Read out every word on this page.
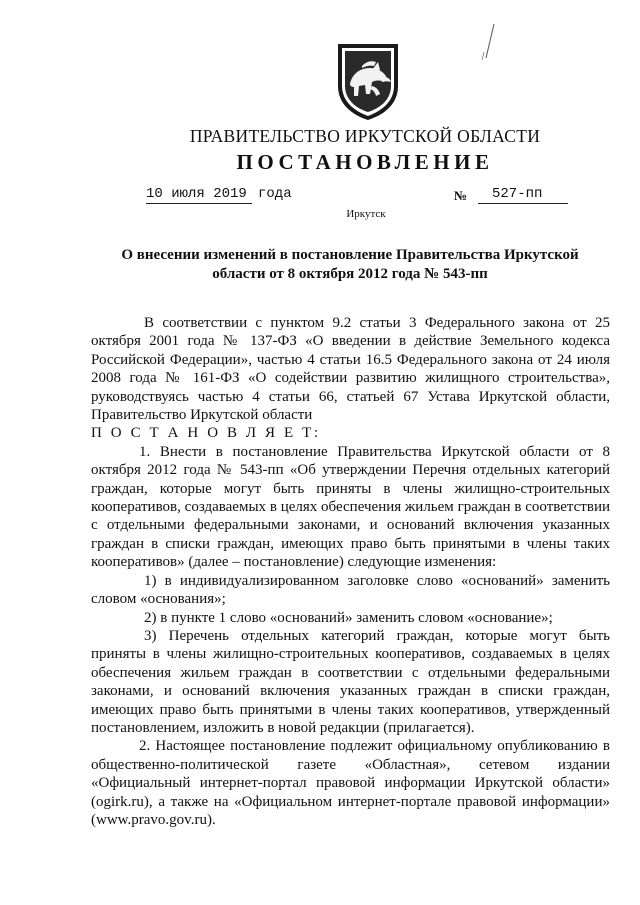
ПРАВИТЕЛЬСТВО ИРКУТСКОЙ ОБЛАСТИ
ПОСТАНОВЛЕНИЕ
10 июля 2019 года	№	527-пп
Иркутск
О внесении изменений в постановление Правительства Иркутской области от 8 октября 2012 года № 543-пп

В соответствии с пунктом 9.2 статьи 3 Федерального закона от 25 октября 2001 года № 137-ФЗ «О введении в действие Земельного кодекса Российской Федерации», частью 4 статьи 16.5 Федерального закона от 24 июля 2008 года № 161-ФЗ «О содействии развитию жилищного строительства», руководствуясь частью 4 статьи 66, статьей 67 Устава Иркутской области, Правительство Иркутской области

П О С Т А Н О В Л Я Е Т:

1. Внести в постановление Правительства Иркутской области от 8 октября 2012 года № 543-пп «Об утверждении Перечня отдельных категорий граждан, которые могут быть приняты в члены жилищно-строительных кооперативов, создаваемых в целях обеспечения жильем граждан в соответствии с отдельными федеральными законами, и оснований включения указанных граждан в списки граждан, имеющих право быть принятыми в члены таких кооперативов» (далее – постановление) следующие изменения:

1) в индивидуализированном заголовке слово «оснований» заменить словом «основания»;

2) в пункте 1 слово «оснований» заменить словом «основание»;

3) Перечень отдельных категорий граждан, которые могут быть приняты в члены жилищно-строительных кооперативов, создаваемых в целях обеспечения жильем граждан в соответствии с отдельными федеральными законами, и оснований включения указанных граждан в списки граждан, имеющих право быть принятыми в члены таких кооперативов, утвержденный постановлением, изложить в новой редакции (прилагается).

2. Настоящее постановление подлежит официальному опубликованию в общественно-политической газете «Областная», сетевом издании «Официальный интернет-портал правовой информации Иркутской области» (ogirk.ru), а также на «Официальном интернет-портале правовой информации» (www.pravo.gov.ru).
